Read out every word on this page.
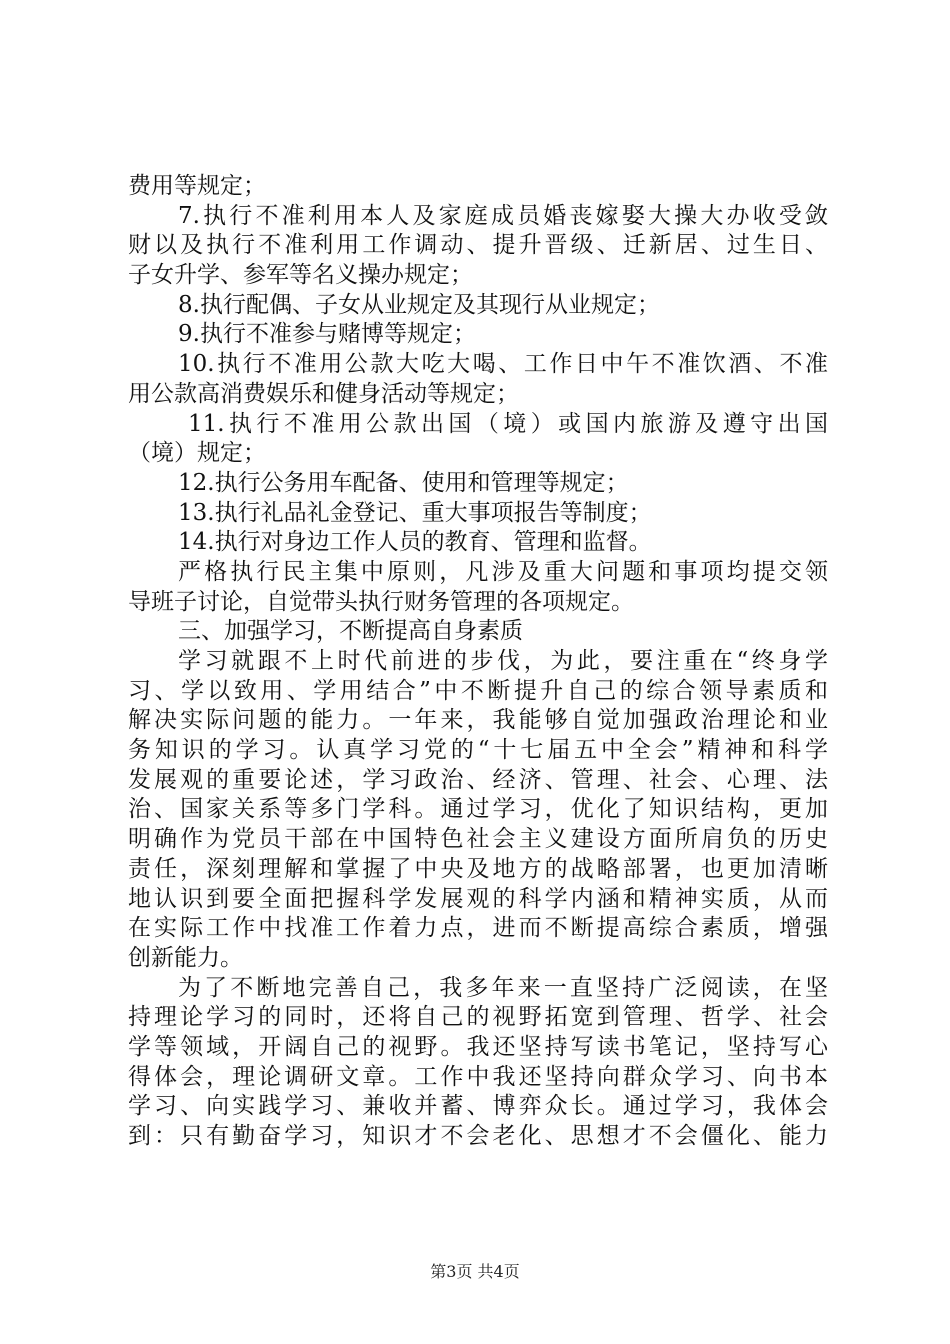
费用等规定；
7.执行不准利用本人及家庭成员婚丧嫁娶大操大办收受敛
财以及执行不准利用工作调动、提升晋级、迁新居、过生日、
子女升学、参军等名义操办规定；
8.执行配偶、子女从业规定及其现行从业规定；
9.执行不准参与赌博等规定；
10.执行不准用公款大吃大喝、工作日中午不准饮酒、不准
用公款高消费娱乐和健身活动等规定；
11.执行不准用公款出国（境）或国内旅游及遵守出国
（境）规定；
12.执行公务用车配备、使用和管理等规定；
13.执行礼品礼金登记、重大事项报告等制度；
14.执行对身边工作人员的教育、管理和监督。
严格执行民主集中原则，凡涉及重大问题和事项均提交领
导班子讨论，自觉带头执行财务管理的各项规定。
三、加强学习，不断提高自身素质
学习就跟不上时代前进的步伐，为此，要注重在“终身学
习、学以致用、学用结合”中不断提升自己的综合领导素质和
解决实际问题的能力。一年来，我能够自觉加强政治理论和业
务知识的学习。认真学习党的“十七届五中全会”精神和科学
发展观的重要论述，学习政治、经济、管理、社会、心理、法
治、国家关系等多门学科。通过学习，优化了知识结构，更加
明确作为党员干部在中国特色社会主义建设方面所肩负的历史
责任，深刻理解和掌握了中央及地方的战略部署，也更加清晰
地认识到要全面把握科学发展观的科学内涵和精神实质，从而
在实际工作中找准工作着力点，进而不断提高综合素质，增强
创新能力。
为了不断地完善自己，我多年来一直坚持广泛阅读，在坚
持理论学习的同时，还将自己的视野拓宽到管理、哲学、社会
学等领域，开阔自己的视野。我还坚持写读书笔记，坚持写心
得体会，理论调研文章。工作中我还坚持向群众学习、向书本
学习、向实践学习、兼收并蓄、博弈众长。通过学习，我体会
到：只有勤奋学习，知识才不会老化、思想才不会僵化、能力
第3页 共4页
